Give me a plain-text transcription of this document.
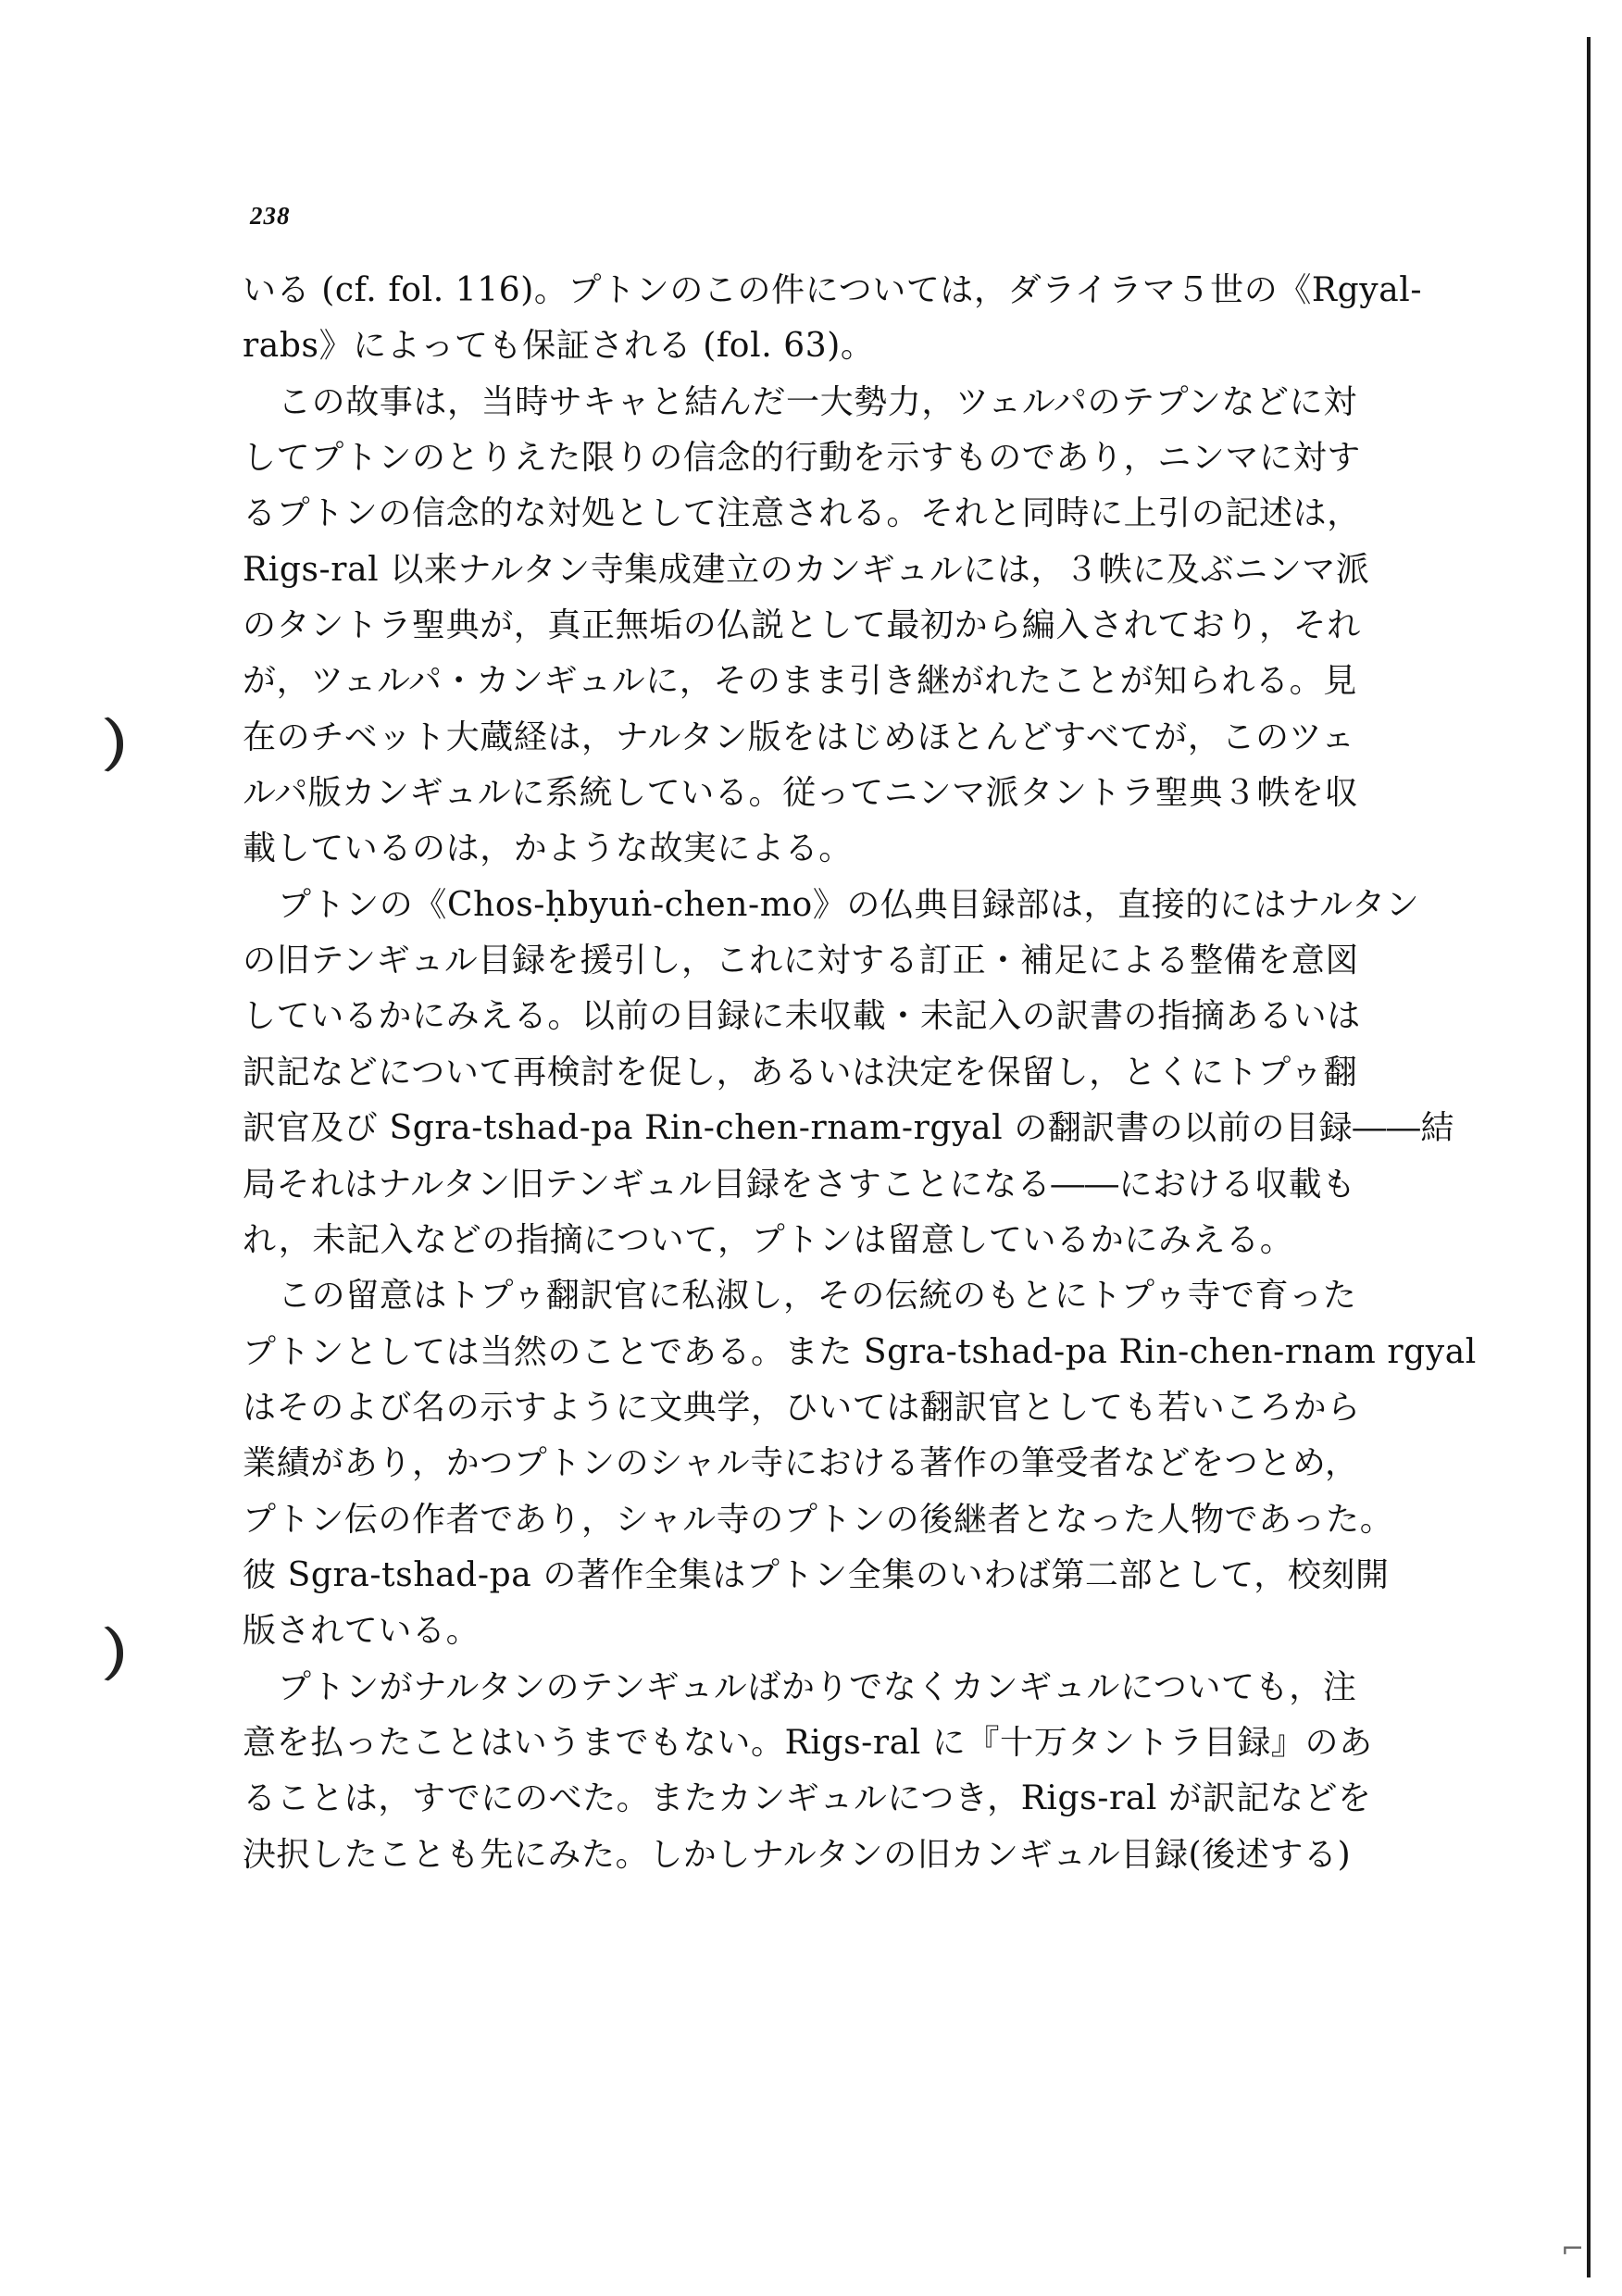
238
いる (cf. fol. 116)。プトンのこの件については，ダライラマ５世の《Rgyal-
rabs》によっても保証される (fol. 63)。
この故事は，当時サキャと結んだ一大勢力，ツェルパのテプンなどに対
してプトンのとりえた限りの信念的行動を示すものであり，ニンマに対す
るプトンの信念的な対処として注意される。それと同時に上引の記述は，
Rigs-ral 以来ナルタン寺集成建立のカンギュルには，３帙に及ぶニンマ派
のタントラ聖典が，真正無垢の仏説として最初から編入されており，それ
が，ツェルパ・カンギュルに，そのまま引き継がれたことが知られる。見
在のチベット大蔵経は，ナルタン版をはじめほとんどすべてが，このツェ
ルパ版カンギュルに系統している。従ってニンマ派タントラ聖典３帙を収
載しているのは，かような故実による。
プトンの《Chos-ḥbyuṅ-chen-mo》の仏典目録部は，直接的にはナルタン
の旧テンギュル目録を援引し，これに対する訂正・補足による整備を意図
しているかにみえる。以前の目録に未収載・未記入の訳書の指摘あるいは
訳記などについて再検討を促し，あるいは決定を保留し，とくにトプゥ翻
訳官及び Sgra-tshad-pa Rin-chen-rnam-rgyal の翻訳書の以前の目録――結
局それはナルタン旧テンギュル目録をさすことになる――における収載も
れ，未記入などの指摘について，プトンは留意しているかにみえる。
この留意はトプゥ翻訳官に私淑し，その伝統のもとにトプゥ寺で育った
プトンとしては当然のことである。また Sgra-tshad-pa Rin-chen-rnam rgyal
はそのよび名の示すように文典学，ひいては翻訳官としても若いころから
業績があり，かつプトンのシャル寺における著作の筆受者などをつとめ，
プトン伝の作者であり，シャル寺のプトンの後継者となった人物であった。
彼 Sgra-tshad-pa の著作全集はプトン全集のいわば第二部として，校刻開
版されている。
プトンがナルタンのテンギュルばかりでなくカンギュルについても，注
意を払ったことはいうまでもない。Rigs-ral に『十万タントラ目録』のあ
ることは，すでにのべた。またカンギュルにつき，Rigs-ral が訳記などを
決択したことも先にみた。しかしナルタンの旧カンギュル目録(後述する)
⌐
